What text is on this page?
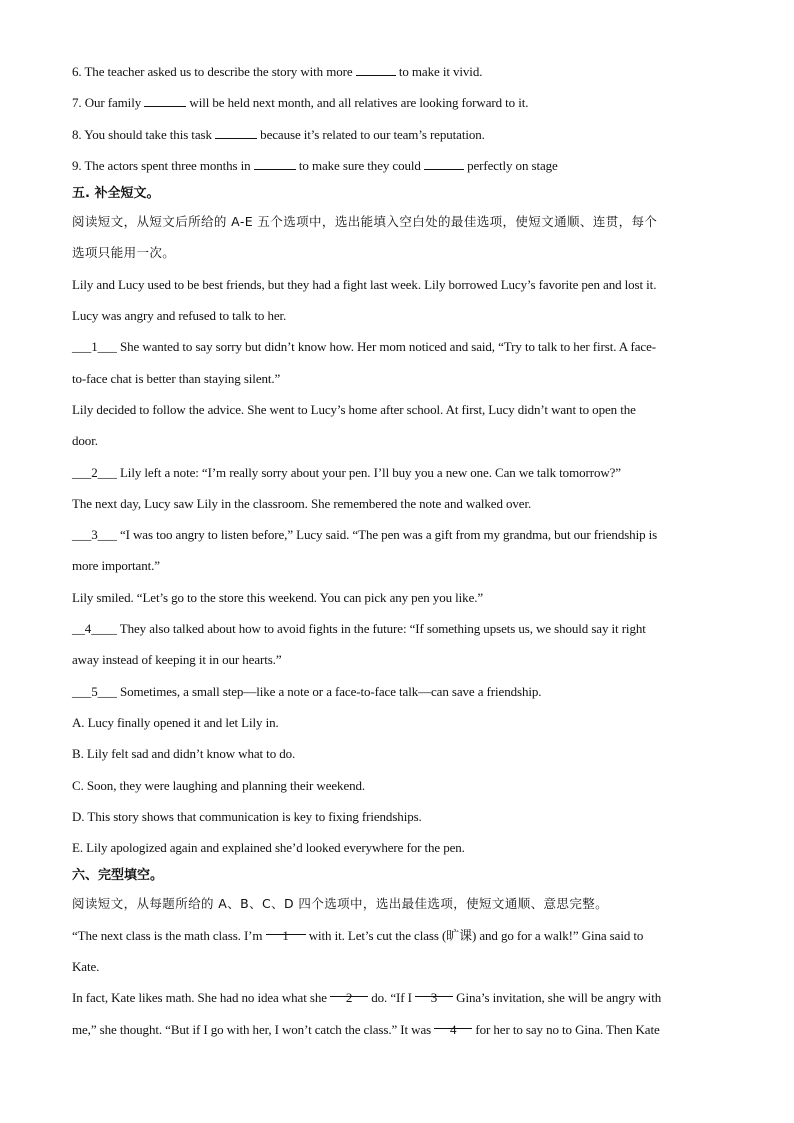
6. The teacher asked us to describe the story with more	to make it vivid.
7. Our family	will be held next month, and all relatives are looking forward to it.
8. You should take this task	because it’s related to our team’s reputation.
9. The actors spent three months in	to make sure they could	perfectly on stage
五. 补全短文。
阅读短文，从短文后所给的 A-E 五个选项中，选出能填入空白处的最佳选项，使短文通顺、连贯，每个
选项只能用一次。
Lily and Lucy used to be best friends, but they had a fight last week. Lily borrowed Lucy’s favorite pen and lost it.
Lucy was angry and refused to talk to her.
___1___ She wanted to say sorry but didn’t know how. Her mom noticed and said, “Try to talk to her first. A face-
to-face chat is better than staying silent.”
Lily decided to follow the advice. She went to Lucy’s home after school. At first, Lucy didn’t want to open the
door.
___2___ Lily left a note: “I’m really sorry about your pen. I’ll buy you a new one. Can we talk tomorrow?”
The next day, Lucy saw Lily in the classroom. She remembered the note and walked over.
___3___ “I was too angry to listen before,” Lucy said. “The pen was a gift from my grandma, but our friendship is
more important.”
Lily smiled. “Let’s go to the store this weekend. You can pick any pen you like.”
__4____ They also talked about how to avoid fights in the future: “If something upsets us, we should say it right
away instead of keeping it in our hearts.”
___5___ Sometimes, a small step—like a note or a face-to-face talk—can save a friendship.
A. Lucy finally opened it and let Lily in.
B. Lily felt sad and didn’t know what to do.
C. Soon, they were laughing and planning their weekend.
D. This story shows that communication is key to fixing friendships.
E. Lily apologized again and explained she’d looked everywhere for the pen.
六、完型填空。
阅读短文，从每题所给的 A、B、C、D 四个选项中，选出最佳选项，使短文通顺、意思完整。
“The next class is the math class. I’m 1 with it. Let’s cut the class (旷课) and go for a walk!” Gina said to
Kate.
In fact, Kate likes math. She had no idea what she 2 do. “If I 3 Gina’s invitation, she will be angry with
me,” she thought. “But if I go with her, I won’t catch the class.” It was 4 for her to say no to Gina. Then Kate
